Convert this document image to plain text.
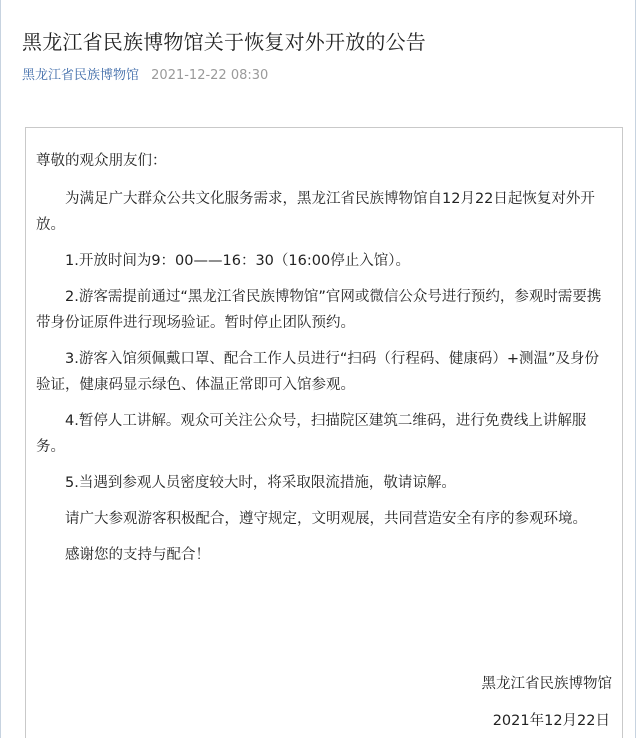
黑龙江省民族博物馆关于恢复对外开放的公告
黑龙江省民族博物馆 2021-12-22 08:30

尊敬的观众朋友们：

为满足广大群众公共文化服务需求，黑龙江省民族博物馆自12月22日起恢复对外开放。

1.开放时间为9：00——16：30（16:00停止入馆）。

2.游客需提前通过“黑龙江省民族博物馆”官网或微信公众号进行预约，参观时需要携带身份证原件进行现场验证。暂时停止团队预约。

3.游客入馆须佩戴口罩、配合工作人员进行“扫码（行程码、健康码）+测温”及身份验证，健康码显示绿色、体温正常即可入馆参观。

4.暂停人工讲解。观众可关注公众号，扫描院区建筑二维码，进行免费线上讲解服务。

5.当遇到参观人员密度较大时，将采取限流措施，敬请谅解。

请广大参观游客积极配合，遵守规定，文明观展，共同营造安全有序的参观环境。

感谢您的支持与配合！

黑龙江省民族博物馆
2021年12月22日
